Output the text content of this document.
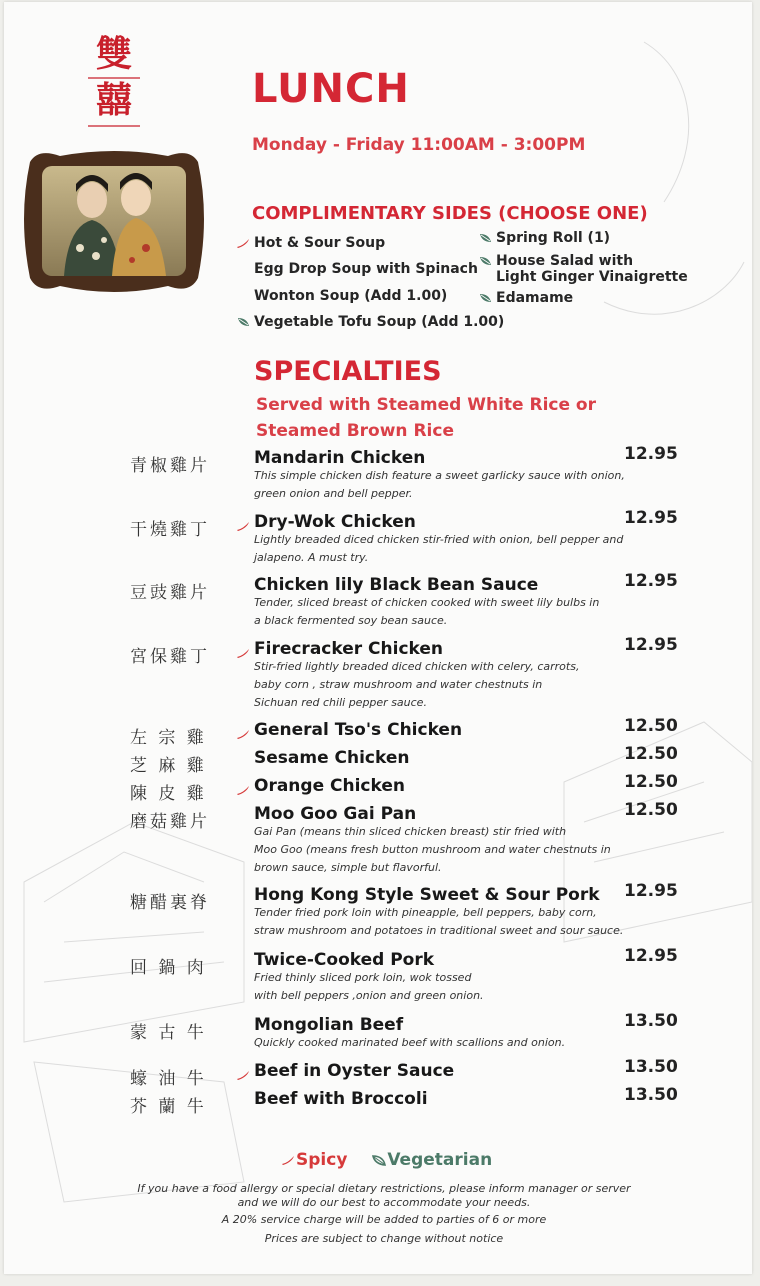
雙
囍	LUNCH
Monday - Friday 11:00AM - 3:00PM
COMPLIMENTARY SIDES (CHOOSE ONE)
Hot & Sour Soup
Egg Drop Soup with Spinach
Wonton Soup (Add 1.00)
Vegetable Tofu Soup (Add 1.00)
Spring Roll (1)
House Salad with
Light Ginger Vinaigrette
Edamame
SPECIALTIES
Served with Steamed White Rice or
Steamed Brown Rice
青椒雞片	Mandarin Chicken	12.95
This simple chicken dish feature a sweet garlicky sauce with onion,
green onion and bell pepper.
干燒雞丁	Dry-Wok Chicken	12.95
Lightly breaded diced chicken stir-fried with onion, bell pepper and
jalapeno. A must try.
豆豉雞片	Chicken lily Black Bean Sauce	12.95
Tender, sliced breast of chicken cooked with sweet lily bulbs in
a black fermented soy bean sauce.
宮保雞丁	Firecracker Chicken	12.95
Stir-fried lightly breaded diced chicken with celery, carrots,
baby corn , straw mushroom and water chestnuts in
Sichuan red chili pepper sauce.
左 宗 雞	General Tso's Chicken	12.50
芝 麻 雞	Sesame Chicken	12.50
陳 皮 雞	Orange Chicken	12.50
磨菇雞片	Moo Goo Gai Pan	12.50
Gai Pan (means thin sliced chicken breast) stir fried with
Moo Goo (means fresh button mushroom and water chestnuts in
brown sauce, simple but flavorful.
糖醋裏脊	Hong Kong Style Sweet & Sour Pork 12.95
Tender fried pork loin with pineapple, bell peppers, baby corn,
straw mushroom and potatoes in traditional sweet and sour sauce.
回 鍋 肉	Twice-Cooked Pork	12.95
Fried thinly sliced pork loin, wok tossed
with bell peppers ,onion and green onion.
蒙 古 牛	Mongolian Beef	13.50
Quickly cooked marinated beef with scallions and onion.
蠔 油 牛	Beef in Oyster Sauce	13.50
芥 蘭 牛	Beef with Broccoli	13.50
Spicy Vegetarian
If you have a food allergy or special dietary restrictions, please inform manager or server
and we will do our best to accommodate your needs.
A 20% service charge will be added to parties of 6 or more
Prices are subject to change without notice
